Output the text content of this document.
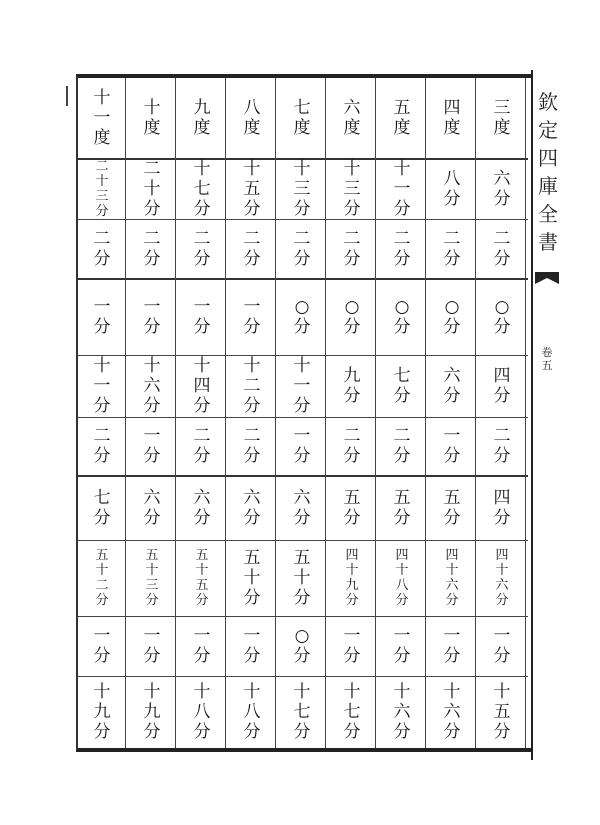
十
一
度
二
十
三
分
二
分
一
分
十
一
分
二
分
七
分
五
十
二
分
一
分
十
九
分
十
度
二
十
分
二
分
一
分
十
六
分
一
分
六
分
五
十
三
分
一
分
十
九
分
九
度
十
七
分
二
分
一
分
十
四
分
二
分
六
分
五
十
五
分
一
分
十
八
分
八
度
十
五
分
二
分
一
分
十
二
分
二
分
六
分
五
十
分
一
分
十
八
分
七
度
十
三
分
二
分
○
分
十
一
分
一
分
六
分
五
十
分
○
分
十
七
分
六
度
十
三
分
二
分
○
分
九
分
二
分
五
分
四
十
九
分
一
分
十
七
分
五
度
十
一
分
二
分
○
分
七
分
二
分
五
分
四
十
八
分
一
分
十
六
分
四
度
八
分
二
分
○
分
六
分
一
分
五
分
四
十
六
分
一
分
十
六
分
三
度
六
分
二
分
○
分
四
分
二
分
四
分
四
十
六
分
一
分
十
五
分
欽
定
四
庫
全
書
卷
五
